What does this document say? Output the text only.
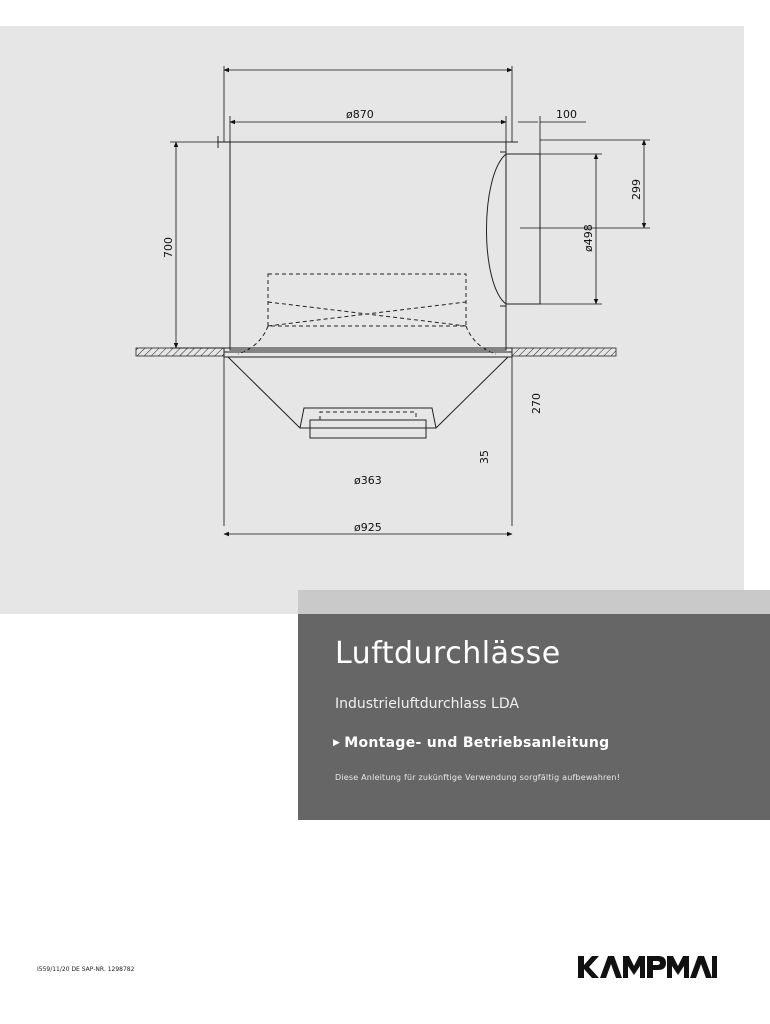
ø870	100
700
299
ø498
270
35
ø363
ø925
Luftdurchlässe
Industrieluftdurchlass LDA
▶ Montage- und Betriebsanleitung
Diese Anleitung für zukünftige Verwendung sorgfältig aufbewahren!
I559/11/20 DE SAP-NR. 1298782
